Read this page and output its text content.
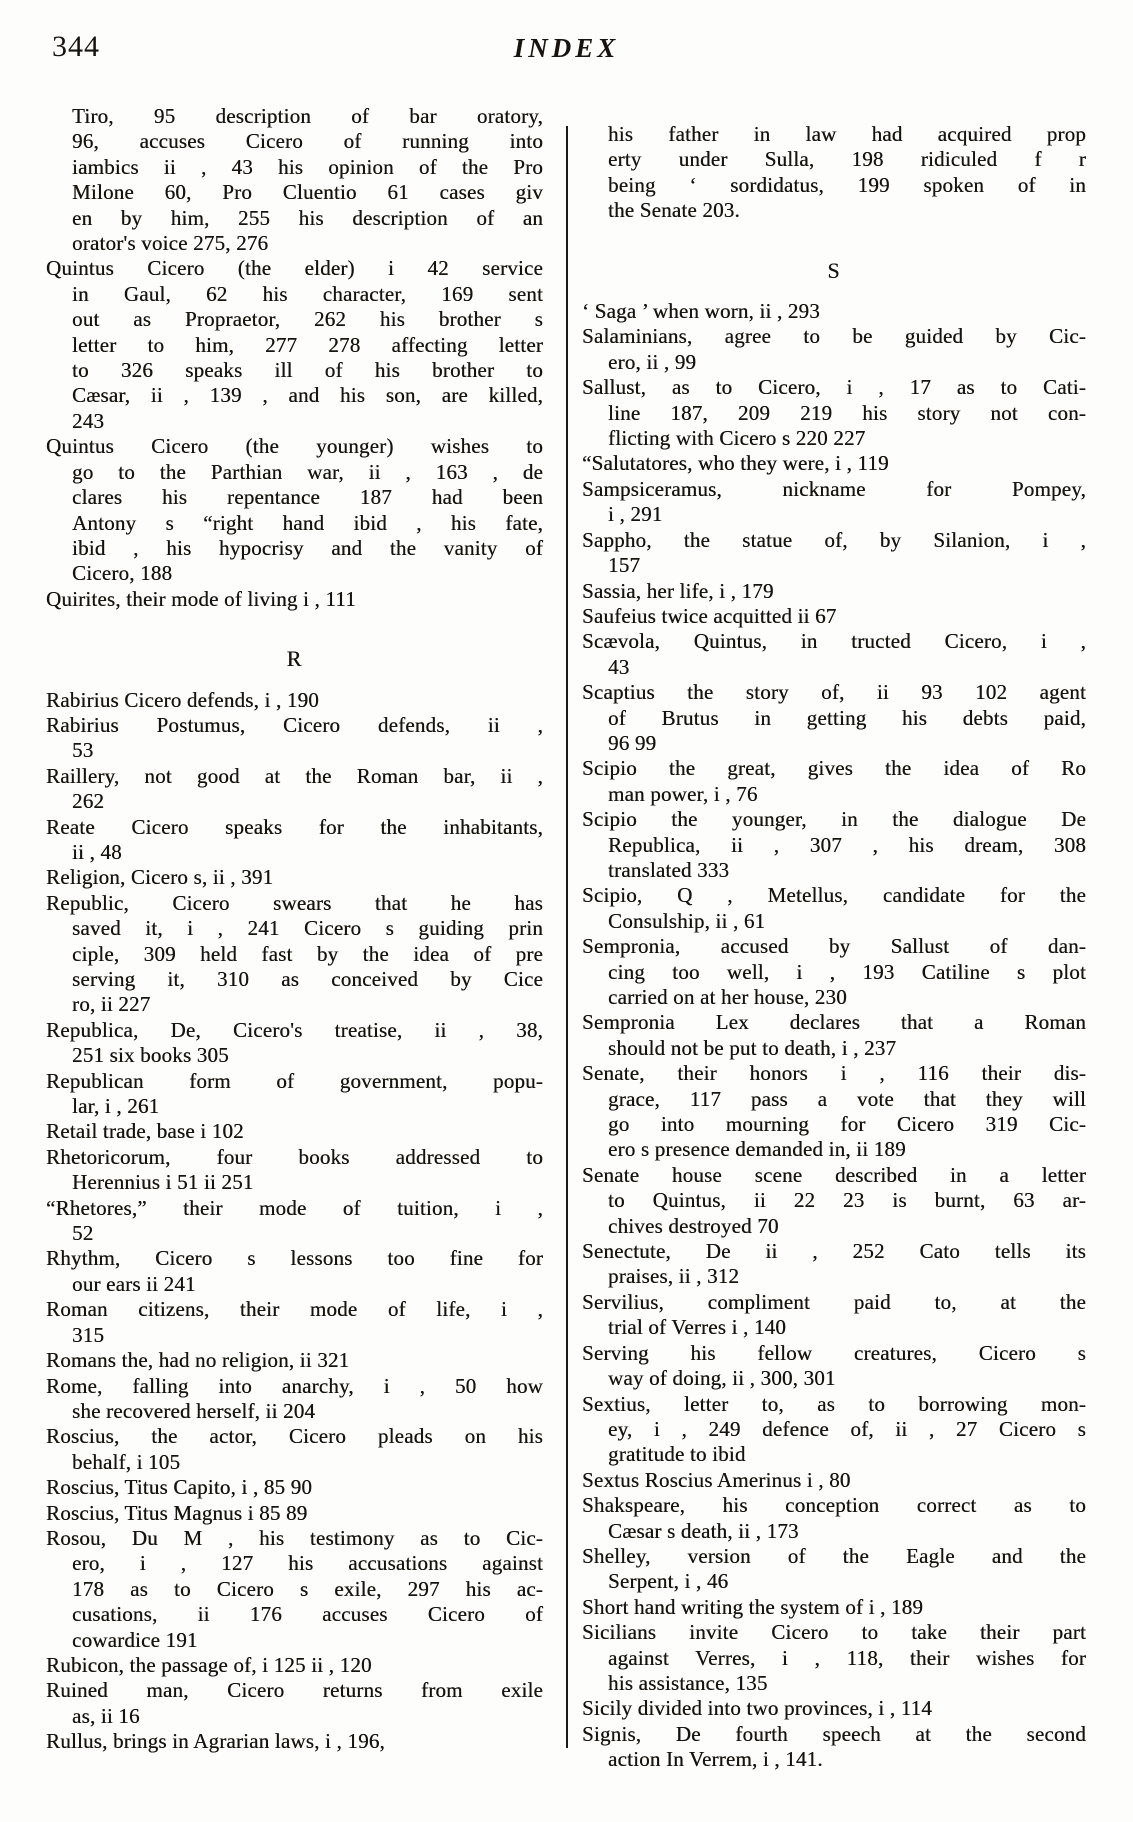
344	INDEX
Tiro, 95 description of bar oratory,
96, accuses Cicero of running into
iambics ii , 43 his opinion of the Pro
Milone 60, Pro Cluentio 61 cases giv
en by him, 255 his description of an
orator's voice 275, 276
Quintus Cicero (the elder) i 42 service
in Gaul, 62 his character, 169 sent
out as Propraetor, 262 his brother s
letter to him, 277 278 affecting letter
to 326 speaks ill of his brother to
Cæsar, ii , 139 , and his son, are killed,
243
Quintus Cicero (the younger) wishes to
go to the Parthian war, ii , 163 , de
clares his repentance 187 had been
Antony s “right hand ibid , his fate,
ibid , his hypocrisy and the vanity of
Cicero, 188
Quirites, their mode of living i , 111
R
Rabirius Cicero defends, i , 190
Rabirius Postumus, Cicero defends, ii ,
53
Raillery, not good at the Roman bar, ii ,
262
Reate Cicero speaks for the inhabitants,
ii , 48
Religion, Cicero s, ii , 391
Republic, Cicero swears that he has
saved it, i , 241 Cicero s guiding prin
ciple, 309 held fast by the idea of pre
serving it, 310 as conceived by Cice
ro, ii 227
Republica, De, Cicero's treatise, ii , 38,
251 six books 305
Republican form of government, popu-
lar, i , 261
Retail trade, base i 102
Rhetoricorum, four books addressed to
Herennius i 51 ii 251
“Rhetores,” their mode of tuition, i ,
52
Rhythm, Cicero s lessons too fine for
our ears ii 241
Roman citizens, their mode of life, i ,
315
Romans the, had no religion, ii 321
Rome, falling into anarchy, i , 50 how
she recovered herself, ii 204
Roscius, the actor, Cicero pleads on his
behalf, i 105
Roscius, Titus Capito, i , 85 90
Roscius, Titus Magnus i 85 89
Rosou, Du M , his testimony as to Cic-
ero, i , 127 his accusations against
178 as to Cicero s exile, 297 his ac-
cusations, ii 176 accuses Cicero of
cowardice 191
Rubicon, the passage of, i 125 ii , 120
Ruined man, Cicero returns from exile
as, ii 16
Rullus, brings in Agrarian laws, i , 196,
his father in law had acquired prop
erty under Sulla, 198 ridiculed f r
being ‘ sordidatus, 199 spoken of in
the Senate 203.
S
‘ Saga ’ when worn, ii , 293
Salaminians, agree to be guided by Cic-
ero, ii , 99
Sallust, as to Cicero, i , 17 as to Cati-
line 187, 209 219 his story not con-
flicting with Cicero s 220 227
“Salutatores, who they were, i , 119
Sampsiceramus, nickname for Pompey,
i , 291
Sappho, the statue of, by Silanion, i ,
157
Sassia, her life, i , 179
Saufeius twice acquitted ii 67
Scævola, Quintus, in tructed Cicero, i ,
43
Scaptius the story of, ii 93 102 agent
of Brutus in getting his debts paid,
96 99
Scipio the great, gives the idea of Ro
man power, i , 76
Scipio the younger, in the dialogue De
Republica, ii , 307 , his dream, 308
translated 333
Scipio, Q , Metellus, candidate for the
Consulship, ii , 61
Sempronia, accused by Sallust of dan-
cing too well, i , 193 Catiline s plot
carried on at her house, 230
Sempronia Lex declares that a Roman
should not be put to death, i , 237
Senate, their honors i , 116 their dis-
grace, 117 pass a vote that they will
go into mourning for Cicero 319 Cic-
ero s presence demanded in, ii 189
Senate house scene described in a letter
to Quintus, ii 22 23 is burnt, 63 ar-
chives destroyed 70
Senectute, De ii , 252 Cato tells its
praises, ii , 312
Servilius, compliment paid to, at the
trial of Verres i , 140
Serving his fellow creatures, Cicero s
way of doing, ii , 300, 301
Sextius, letter to, as to borrowing mon-
ey, i , 249 defence of, ii , 27 Cicero s
gratitude to ibid
Sextus Roscius Amerinus i , 80
Shakspeare, his conception correct as to
Cæsar s death, ii , 173
Shelley, version of the Eagle and the
Serpent, i , 46
Short hand writing the system of i , 189
Sicilians invite Cicero to take their part
against Verres, i , 118, their wishes for
his assistance, 135
Sicily divided into two provinces, i , 114
Signis, De fourth speech at the second
action In Verrem, i , 141.
